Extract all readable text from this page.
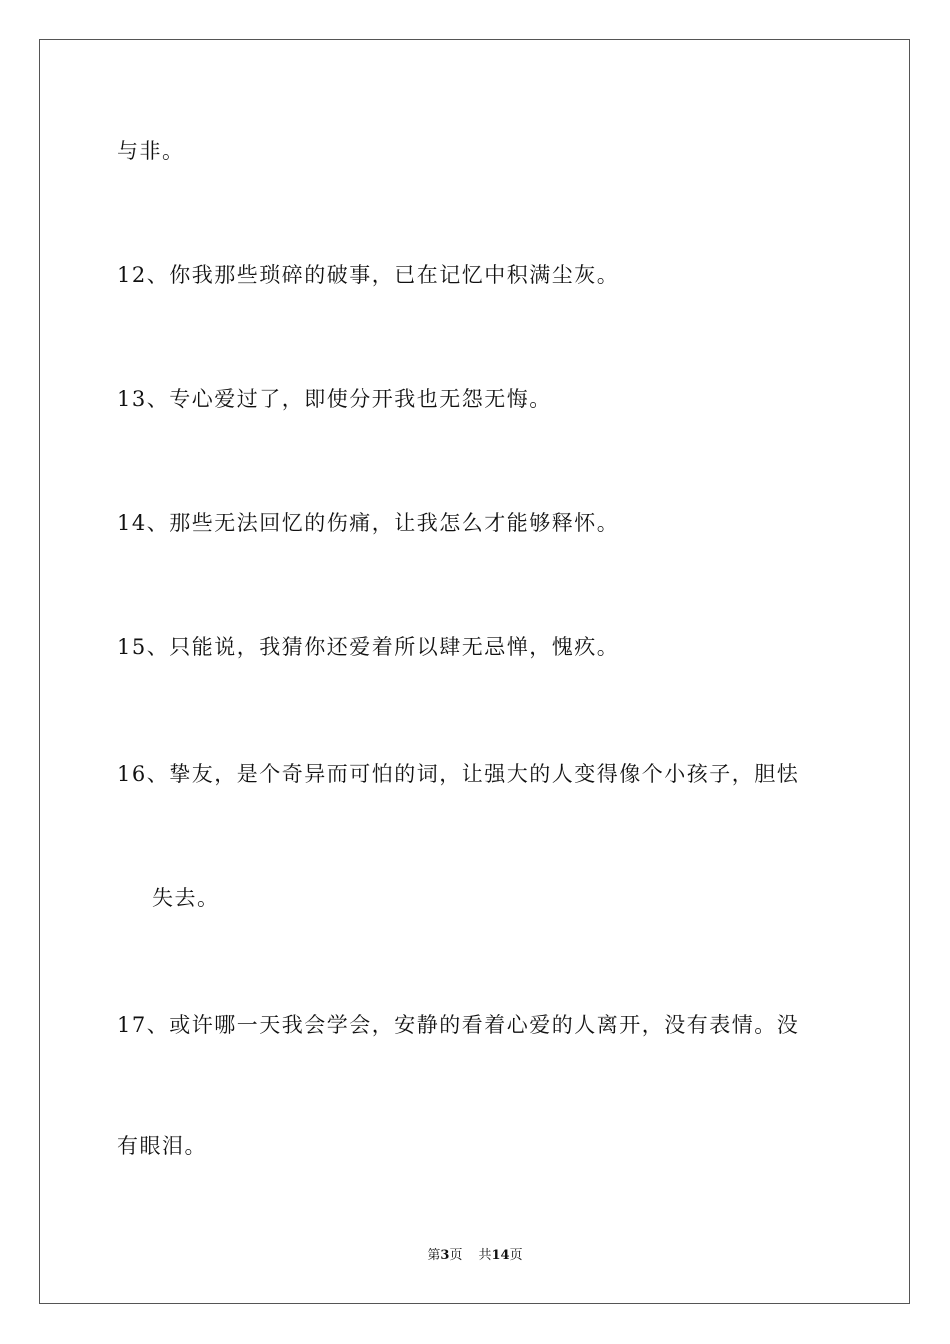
与非。
12、你我那些琐碎的破事，已在记忆中积满尘灰。
13、专心爱过了，即使分开我也无怨无悔。
14、那些无法回忆的伤痛，让我怎么才能够释怀。
15、只能说，我猜你还爱着所以肆无忌惮，愧疚。
16、挚友，是个奇异而可怕的词，让强大的人变得像个小孩子，胆怯
失去。
17、或许哪一天我会学会，安静的看着心爱的人离开，没有表情。没
有眼泪。
第3页 共14页
